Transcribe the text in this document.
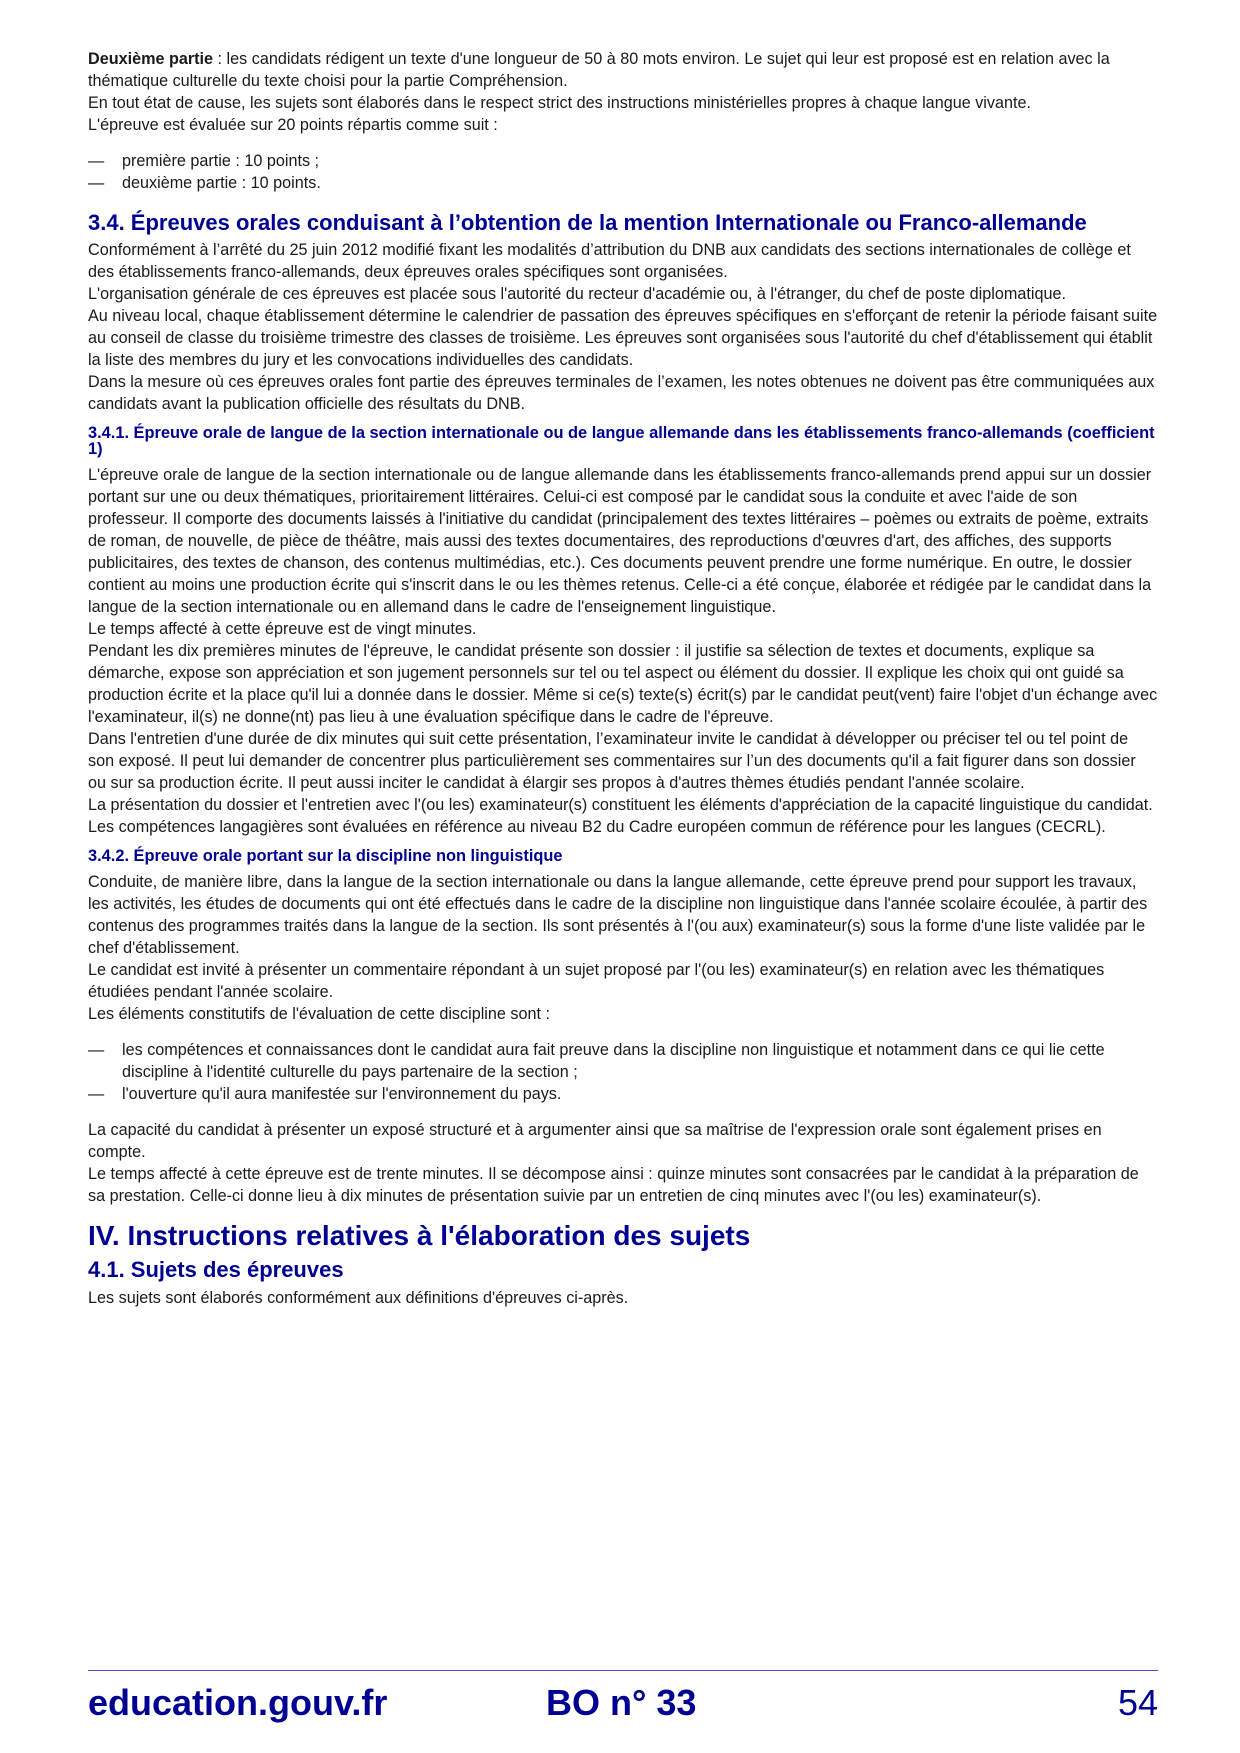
Deuxième partie : les candidats rédigent un texte d'une longueur de 50 à 80 mots environ. Le sujet qui leur est proposé est en relation avec la thématique culturelle du texte choisi pour la partie Compréhension.

En tout état de cause, les sujets sont élaborés dans le respect strict des instructions ministérielles propres à chaque langue vivante.

L'épreuve est évaluée sur 20 points répartis comme suit :

— première partie : 10 points ;
— deuxième partie : 10 points.
3.4. Épreuves orales conduisant à l’obtention de la mention Internationale ou Franco-allemande

Conformément à l’arrêté du 25 juin 2012 modifié fixant les modalités d’attribution du DNB aux candidats des sections internationales de collège et des établissements franco-allemands, deux épreuves orales spécifiques sont organisées.

L'organisation générale de ces épreuves est placée sous l'autorité du recteur d'académie ou, à l'étranger, du chef de poste diplomatique.

Au niveau local, chaque établissement détermine le calendrier de passation des épreuves spécifiques en s'efforçant de retenir la période faisant suite au conseil de classe du troisième trimestre des classes de troisième. Les épreuves sont organisées sous l'autorité du chef d'établissement qui établit la liste des membres du jury et les convocations individuelles des candidats.

Dans la mesure où ces épreuves orales font partie des épreuves terminales de l’examen, les notes obtenues ne doivent pas être communiquées aux candidats avant la publication officielle des résultats du DNB.

3.4.1. Épreuve orale de langue de la section internationale ou de langue allemande dans les établissements franco-allemands (coefficient 1)

L'épreuve orale de langue de la section internationale ou de langue allemande dans les établissements franco-allemands prend appui sur un dossier portant sur une ou deux thématiques, prioritairement littéraires. Celui-ci est composé par le candidat sous la conduite et avec l'aide de son professeur. Il comporte des documents laissés à l'initiative du candidat (principalement des textes littéraires – poèmes ou extraits de poème, extraits de roman, de nouvelle, de pièce de théâtre, mais aussi des textes documentaires, des reproductions d'œuvres d'art, des affiches, des supports publicitaires, des textes de chanson, des contenus multimédias, etc.). Ces documents peuvent prendre une forme numérique. En outre, le dossier contient au moins une production écrite qui s'inscrit dans le ou les thèmes retenus. Celle-ci a été conçue, élaborée et rédigée par le candidat dans la langue de la section internationale ou en allemand dans le cadre de l'enseignement linguistique.

Le temps affecté à cette épreuve est de vingt minutes.

Pendant les dix premières minutes de l'épreuve, le candidat présente son dossier : il justifie sa sélection de textes et documents, explique sa démarche, expose son appréciation et son jugement personnels sur tel ou tel aspect ou élément du dossier. Il explique les choix qui ont guidé sa production écrite et la place qu'il lui a donnée dans le dossier. Même si ce(s) texte(s) écrit(s) par le candidat peut(vent) faire l'objet d'un échange avec l'examinateur, il(s) ne donne(nt) pas lieu à une évaluation spécifique dans le cadre de l'épreuve.

Dans l'entretien d'une durée de dix minutes qui suit cette présentation, l’examinateur invite le candidat à développer ou préciser tel ou tel point de son exposé. Il peut lui demander de concentrer plus particulièrement ses commentaires sur l’un des documents qu'il a fait figurer dans son dossier ou sur sa production écrite. Il peut aussi inciter le candidat à élargir ses propos à d'autres thèmes étudiés pendant l'année scolaire.

La présentation du dossier et l'entretien avec l'(ou les) examinateur(s) constituent les éléments d'appréciation de la capacité linguistique du candidat. Les compétences langagières sont évaluées en référence au niveau B2 du Cadre européen commun de référence pour les langues (CECRL).

3.4.2. Épreuve orale portant sur la discipline non linguistique

Conduite, de manière libre, dans la langue de la section internationale ou dans la langue allemande, cette épreuve prend pour support les travaux, les activités, les études de documents qui ont été effectués dans le cadre de la discipline non linguistique dans l'année scolaire écoulée, à partir des contenus des programmes traités dans la langue de la section. Ils sont présentés à l'(ou aux) examinateur(s) sous la forme d'une liste validée par le chef d'établissement.

Le candidat est invité à présenter un commentaire répondant à un sujet proposé par l'(ou les) examinateur(s) en relation avec les thématiques étudiées pendant l'année scolaire.

Les éléments constitutifs de l'évaluation de cette discipline sont :

— les compétences et connaissances dont le candidat aura fait preuve dans la discipline non linguistique et notamment dans ce qui lie cette discipline à l'identité culturelle du pays partenaire de la section ;
— l'ouverture qu'il aura manifestée sur l'environnement du pays.

La capacité du candidat à présenter un exposé structuré et à argumenter ainsi que sa maîtrise de l'expression orale sont également prises en compte.

Le temps affecté à cette épreuve est de trente minutes. Il se décompose ainsi : quinze minutes sont consacrées par le candidat à la préparation de sa prestation. Celle-ci donne lieu à dix minutes de présentation suivie par un entretien de cinq minutes avec l'(ou les) examinateur(s).

IV. Instructions relatives à l'élaboration des sujets
4.1. Sujets des épreuves

Les sujets sont élaborés conformément aux définitions d'épreuves ci-après.

education.gouv.fr	BO n° 33	54
